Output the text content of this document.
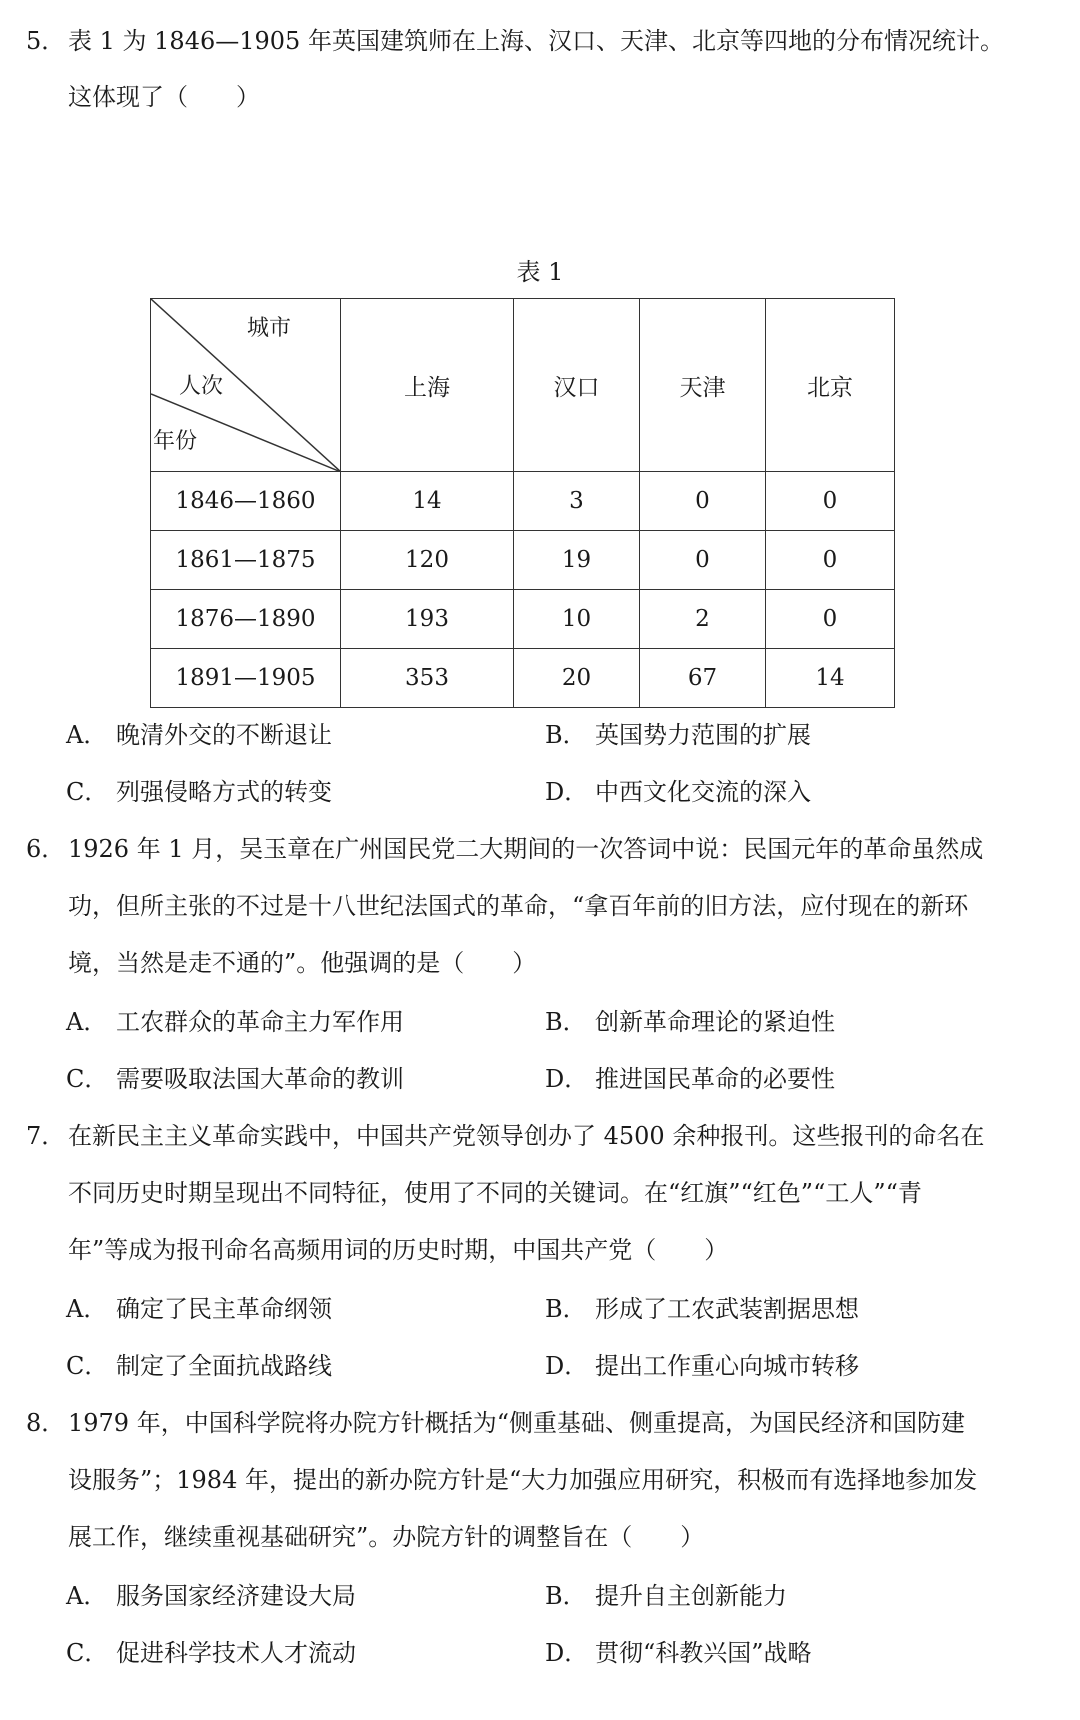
5． 表 1 为 1846—1905 年英国建筑师在上海、汉口、天津、北京等四地的分布情况统计。
这体现了（　　）
表 1
城市
人次
年份	上海	汉口	天津	北京
1846—1860	14	3	0	0
1861—1875	120	19	0	0
1876—1890	193	10	2	0
1891—1905	353	20	67	14
A． 晚清外交的不断退让	B． 英国势力范围的扩展
C． 列强侵略方式的转变	D． 中西文化交流的深入
6． 1926 年 1 月，吴玉章在广州国民党二大期间的一次答词中说：民国元年的革命虽然成
功，但所主张的不过是十八世纪法国式的革命，“拿百年前的旧方法，应付现在的新环
境，当然是走不通的”。他强调的是（　　）
A． 工农群众的革命主力军作用	B． 创新革命理论的紧迫性
C． 需要吸取法国大革命的教训	D． 推进国民革命的必要性
7． 在新民主主义革命实践中，中国共产党领导创办了 4500 余种报刊。这些报刊的命名在
不同历史时期呈现出不同特征，使用了不同的关键词。在“红旗”“红色”“工人”“青
年”等成为报刊命名高频用词的历史时期，中国共产党（　　）
A． 确定了民主革命纲领	B． 形成了工农武装割据思想
C． 制定了全面抗战路线	D． 提出工作重心向城市转移
8． 1979 年，中国科学院将办院方针概括为“侧重基础、侧重提高，为国民经济和国防建
设服务”；1984 年，提出的新办院方针是“大力加强应用研究，积极而有选择地参加发
展工作，继续重视基础研究”。办院方针的调整旨在（　　）
A． 服务国家经济建设大局	B． 提升自主创新能力
C． 促进科学技术人才流动	D． 贯彻“科教兴国”战略
